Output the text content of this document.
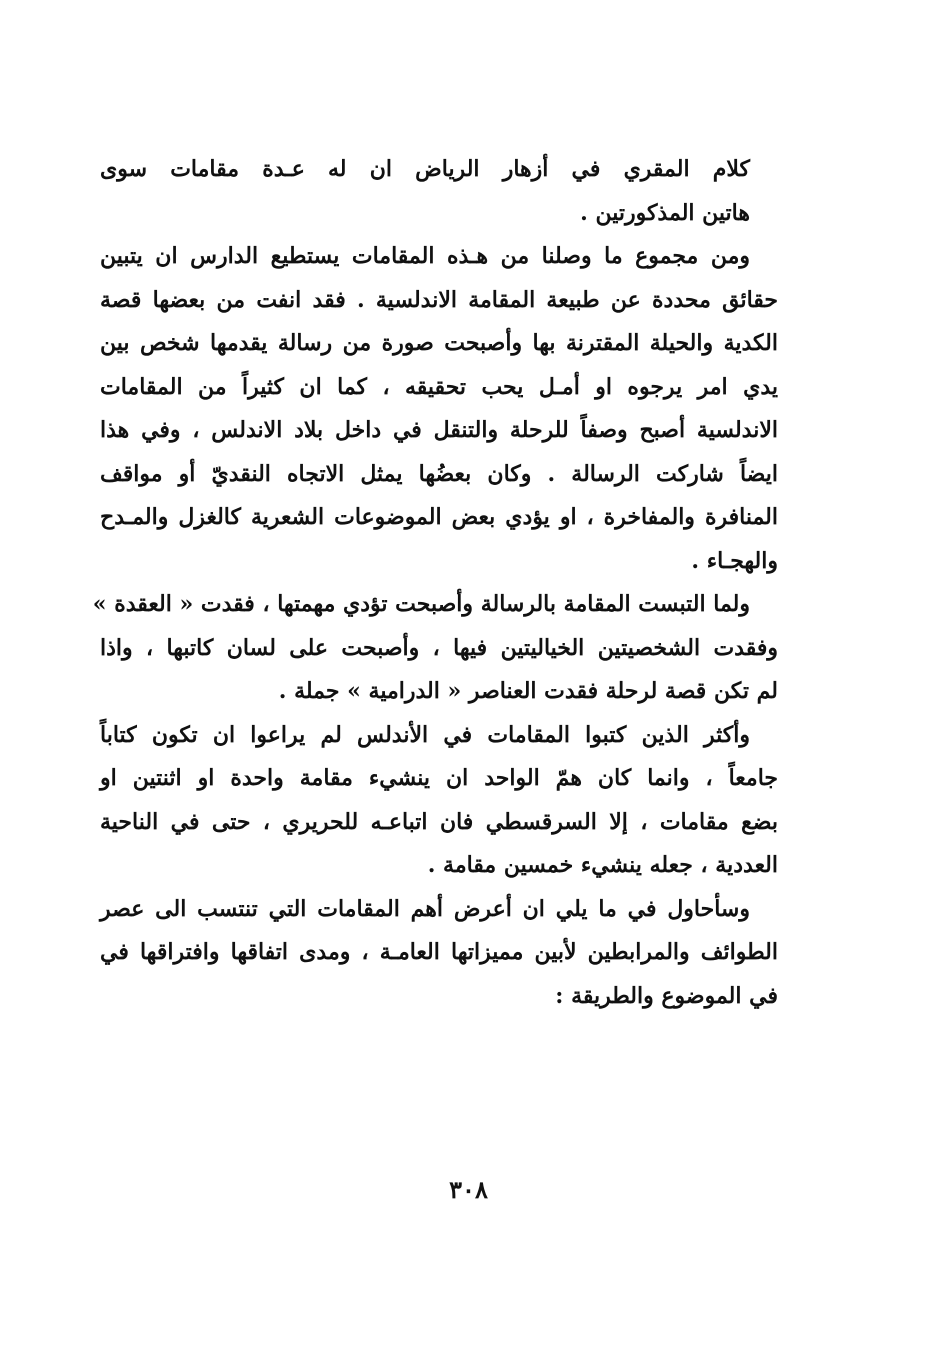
كلام المقري في أزهار الرياض ان له عـدة مقامات سوى
هاتين المذكورتين .

ومن مجموع ما وصلنا من هـذه المقامات يستطيع الدارس ان يتبين
حقائق محددة عن طبيعة المقامة الاندلسية . فقد انفت من بعضها قصة
الكدية والحيلة المقترنة بها وأصبحت صورة من رسالة يقدمها شخص بين
يدي امر يرجوه او أمـل يحب تحقيقه ، كما ان كثيراً من المقامات
الاندلسية أصبح وصفاً للرحلة والتنقل في داخل بلاد الاندلس ، وفي هذا
ايضاً شاركت الرسالة . وكان بعضُها يمثل الاتجاه النقديّ أو مواقف
المنافرة والمفاخرة ، او يؤدي بعض الموضوعات الشعرية كالغزل والمـدح
والهجـاء .

ولما التبست المقامة بالرسالة وأصبحت تؤدي مهمتها ، فقدت « العقدة »
وفقدت الشخصيتين الخياليتين فيها ، وأصبحت على لسان كاتبها ، واذا
لم تكن قصة لرحلة فقدت العناصر « الدرامية » جملة .

وأكثر الذين كتبوا المقامات في الأندلس لم يراعوا ان تكون كتاباً
جامعاً ، وانما كان همّ الواحد ان ينشيء مقامة واحدة او اثنتين او
بضع مقامات ، إلا السرقسطي فان اتباعـه للحريري ، حتى في الناحية
العددية ، جعله ينشيء خمسين مقامة .

وسأحاول في ما يلي ان أعرض أهم المقامات التي تنتسب الى عصر
الطوائف والمرابطين لأبين مميزاتها العامـة ، ومدى اتفاقها وافتراقها في
في الموضوع والطريقة :

٣٠٨
